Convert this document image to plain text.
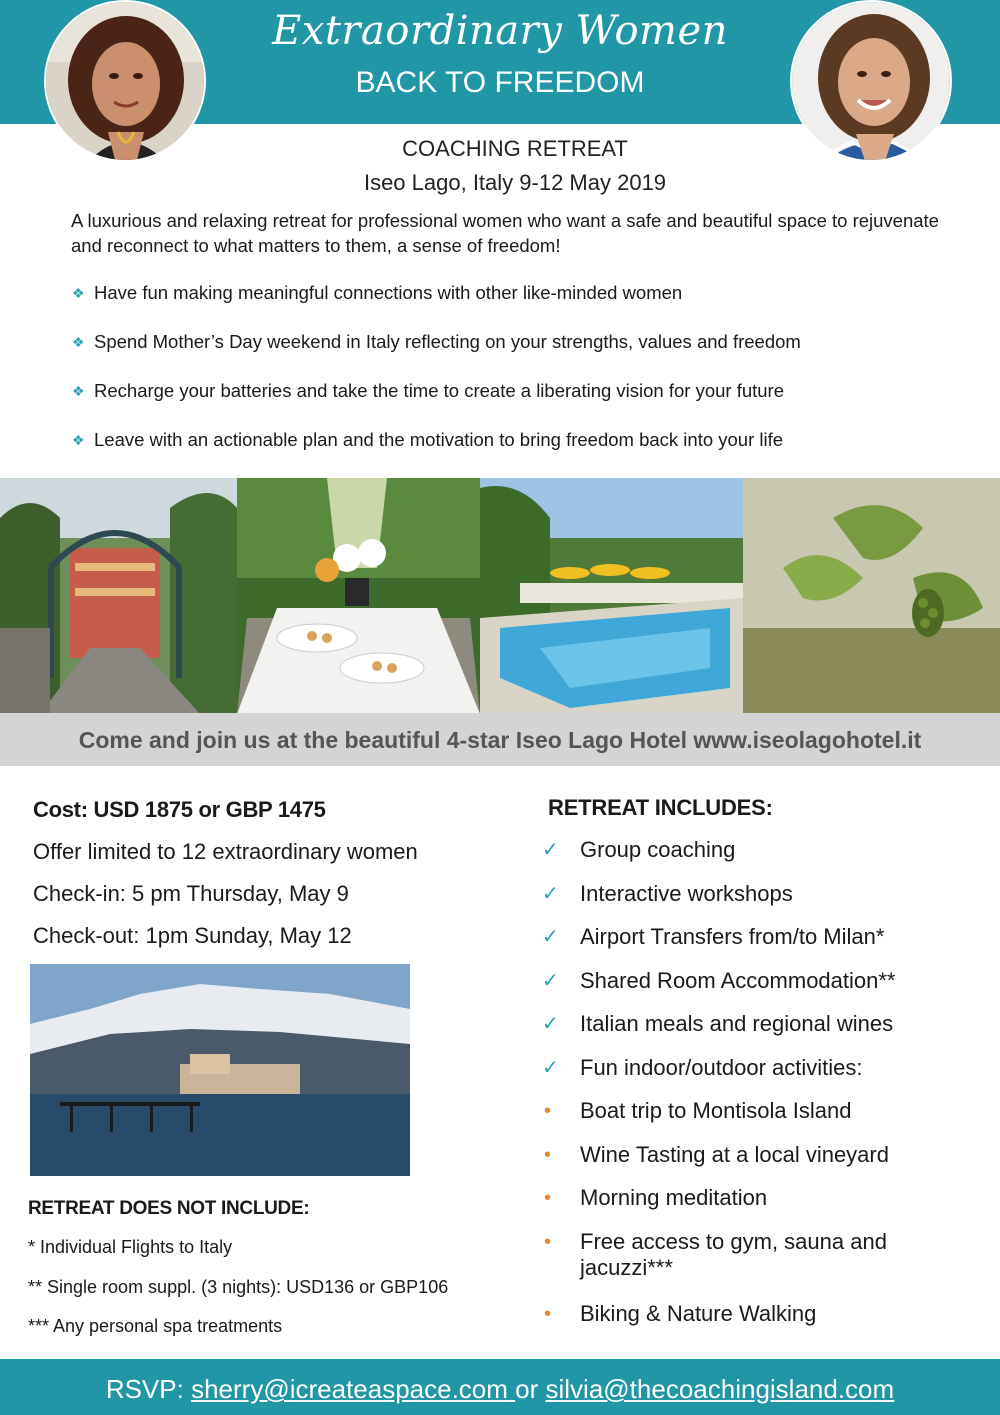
Extraordinary Women
BACK TO FREEDOM
COACHING RETREAT
Iseo Lago, Italy 9-12 May 2019

A luxurious and relaxing retreat for professional women who want a safe and beautiful space to rejuvenate and reconnect to what matters to them, a sense of freedom!

❖ Have fun making meaningful connections with other like-minded women
❖ Spend Mother’s Day weekend in Italy reflecting on your strengths, values and freedom
❖ Recharge your batteries and take the time to create a liberating vision for your future
❖ Leave with an actionable plan and the motivation to bring freedom back into your life
Come and join us at the beautiful 4-star Iseo Lago Hotel www.iseolagohotel.it
Cost: USD 1875 or GBP 1475
Offer limited to 12 extraordinary women
Check-in: 5 pm Thursday, May 9
Check-out: 1pm Sunday, May 12
RETREAT DOES NOT INCLUDE:
* Individual Flights to Italy
** Single room suppl. (3 nights): USD136 or GBP106
*** Any personal spa treatments
RETREAT INCLUDES:
✓ Group coaching
✓ Interactive workshops
✓ Airport Transfers from/to Milan*
✓ Shared Room Accommodation**
✓ Italian meals and regional wines
✓ Fun indoor/outdoor activities:
•	Boat trip to Montisola Island
•	Wine Tasting at a local vineyard
•	Morning meditation
•	Free access to gym, sauna and jacuzzi***
•	Biking & Nature Walking
RSVP: sherry@icreateaspace.com or silvia@thecoachingisland.com
